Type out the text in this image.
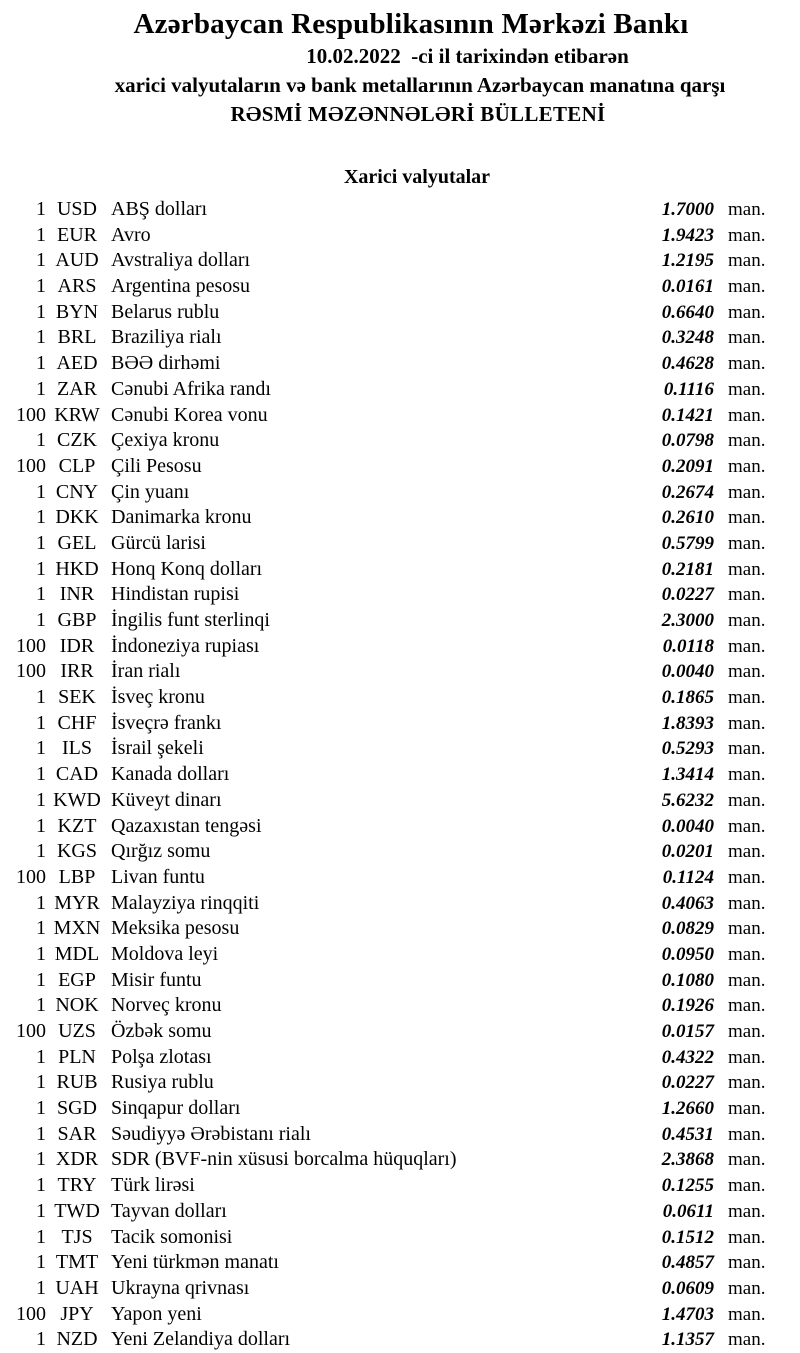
Azərbaycan Respublikasının Mərkəzi Bankı

10.02.2022  -ci il tarixindən etibarən

xarici valyutaların və bank metallarının Azərbaycan manatına qarşı

RƏSMİ MƏZƏNNƏLƏRİ BÜLLETENİ

Xarici valyutalar
1 USD ABŞ dolları	1.7000 man.
1 EUR Avro	1.9423 man.
1 AUD Avstraliya dolları	1.2195 man.
1 ARS Argentina pesosu	0.0161 man.
1 BYN Belarus rublu	0.6640 man.
1 BRL Braziliya rialı	0.3248 man.
1 AED BƏƏ dirhəmi	0.4628 man.
1 ZAR Cənubi Afrika randı	0.1116 man.
100 KRW Cənubi Korea vonu	0.1421 man.
1 CZK Çexiya kronu	0.0798 man.
100 CLP Çili Pesosu	0.2091 man.
1 CNY Çin yuanı	0.2674 man.
1 DKK Danimarka kronu	0.2610 man.
1 GEL Gürcü larisi	0.5799 man.
1 HKD Honq Konq dolları	0.2181 man.
1 INR Hindistan rupisi	0.0227 man.
1 GBP İngilis funt sterlinqi	2.3000 man.
100 IDR İndoneziya rupiası	0.0118 man.
100 IRR İran rialı	0.0040 man.
1 SEK İsveç kronu	0.1865 man.
1 CHF İsveçrə frankı	1.8393 man.
1 ILS İsrail şekeli	0.5293 man.
1 CAD Kanada dolları	1.3414 man.
1 KWD Küveyt dinarı	5.6232 man.
1 KZT Qazaxıstan tengəsi	0.0040 man.
1 KGS Qırğız somu	0.0201 man.
100 LBP Livan funtu	0.1124 man.
1 MYR Malayziya rinqqiti	0.4063 man.
1 MXN Meksika pesosu	0.0829 man.
1 MDL Moldova leyi	0.0950 man.
1 EGP Misir funtu	0.1080 man.
1 NOK Norveç kronu	0.1926 man.
100 UZS Özbək somu	0.0157 man.
1 PLN Polşa zlotası	0.4322 man.
1 RUB Rusiya rublu	0.0227 man.
1 SGD Sinqapur dolları	1.2660 man.
1 SAR Səudiyyə Ərəbistanı rialı	0.4531 man.
1 XDR SDR (BVF-nin xüsusi borcalma hüquqları)	2.3868 man.
1 TRY Türk lirəsi	0.1255 man.
1 TWD Tayvan dolları	0.0611 man.
1 TJS Tacik somonisi	0.1512 man.
1 TMT Yeni türkmən manatı	0.4857 man.
1 UAH Ukrayna qrivnası	0.0609 man.
100 JPY Yapon yeni	1.4703 man.
1 NZD Yeni Zelandiya dolları	1.1357 man.
